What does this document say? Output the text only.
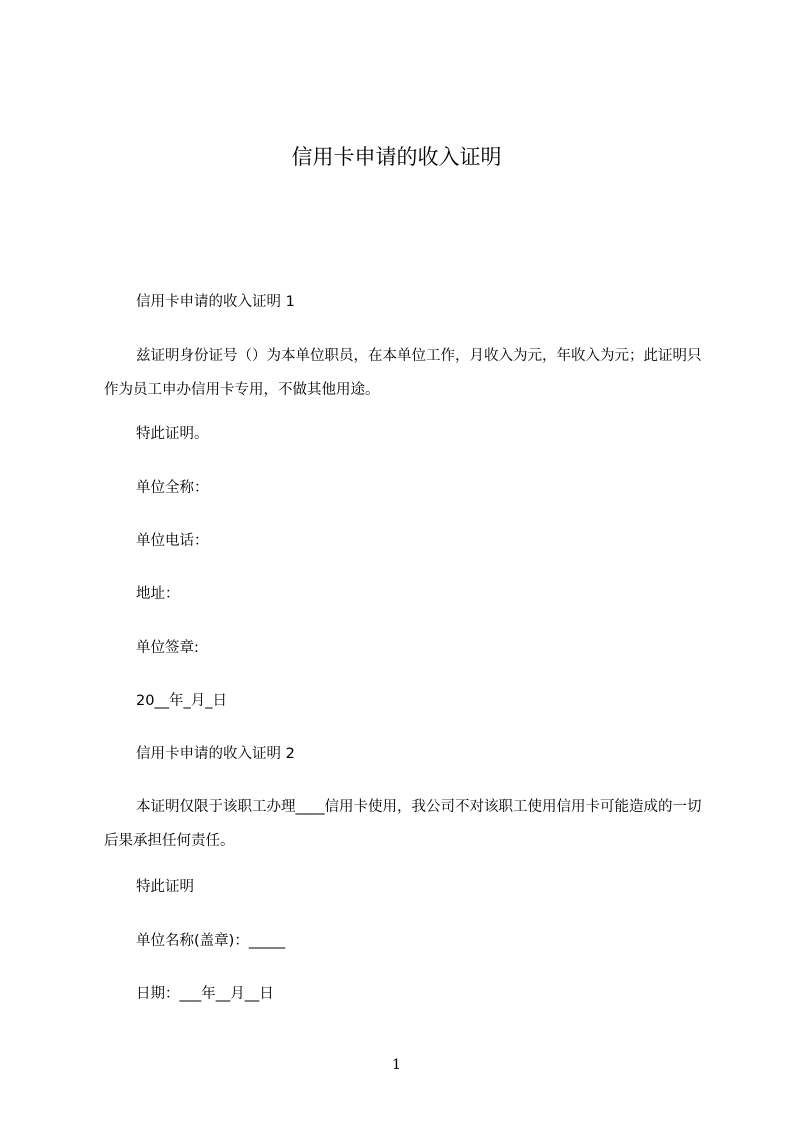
信用卡申请的收入证明
信用卡申请的收入证明 1
兹证明身份证号（）为本单位职员，在本单位工作，月收入为元，年收入为元；此证明只作为员工申办信用卡专用，不做其他用途。
特此证明。
单位全称：
单位电话：
地址：
单位签章:
20__年_月_日
信用卡申请的收入证明 2
本证明仅限于该职工办理____信用卡使用，我公司不对该职工使用信用卡可能造成的一切后果承担任何责任。
特此证明
单位名称(盖章)：_____
日期：___年__月__日
1
